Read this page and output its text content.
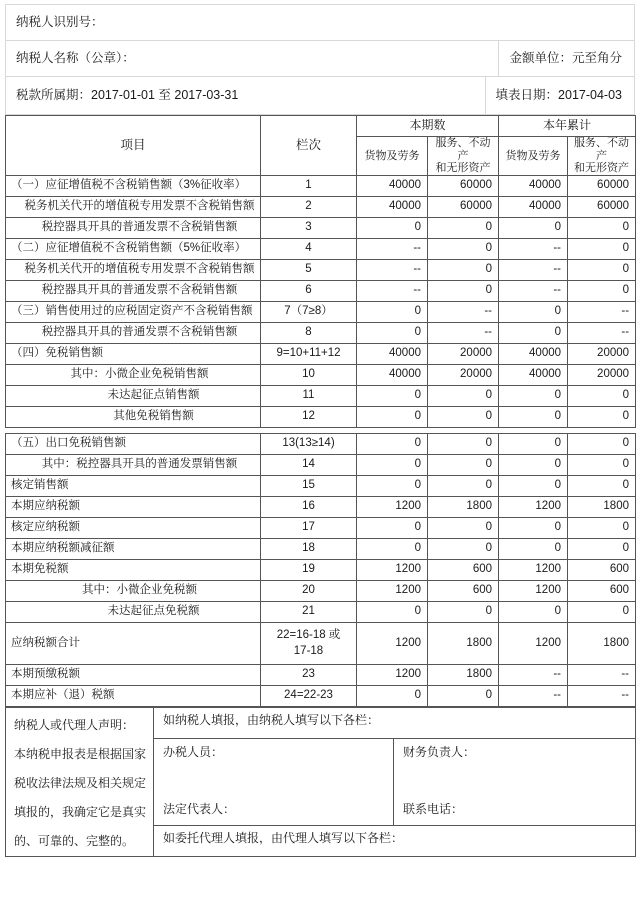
纳税人识别号：
纳税人名称（公章）：	金额单位：元至角分
税款所属期：2017-01-01 至 2017-03-31	填表日期：2017-04-03
项目	栏次	本期数		本年累计	
		货物及劳务	服务、不动产
和无形资产	货物及劳务	服务、不动产
和无形资产
（一）应征增值税不含税销售额（3%征收率）	1	40000	60000	40000	60000
税务机关代开的增值税专用发票不含税销售额	2	40000	60000	40000	60000
税控器具开具的普通发票不含税销售额	3	0	0	0	0
（二）应征增值税不含税销售额（5%征收率）	4	--	0	--	0
税务机关代开的增值税专用发票不含税销售额	5	--	0	--	0
税控器具开具的普通发票不含税销售额	6	--	0	--	0
（三）销售使用过的应税固定资产不含税销售额	7（7≥8）	0	--	0	--
税控器具开具的普通发票不含税销售额	8	0	--	0	--
（四）免税销售额	9=10+11+12	40000	20000	40000	20000
其中：小微企业免税销售额	10	40000	20000	40000	20000
未达起征点销售额	11	0	0	0	0
其他免税销售额	12	0	0	0	0
（五）出口免税销售额	13(13≥14)	0	0	0	0
其中：税控器具开具的普通发票销售额	14	0	0	0	0
核定销售额	15	0	0	0	0
本期应纳税额	16	1200	1800	1200	1800
核定应纳税额	17	0	0	0	0
本期应纳税额减征额	18	0	0	0	0
本期免税额	19	1200	600	1200	600
其中：小微企业免税额	20	1200	600	1200	600
未达起征点免税额	21	0	0	0	0
应纳税额合计	22=16-18 或
17-18	1200	1800	1200	1800
本期预缴税额	23	1200	1800	--	--
本期应补（退）税额	24=22-23	0	0	--	--
纳税人或代理人声明：
本纳税申报表是根据国家
税收法律法规及相关规定
填报的，我确定它是真实
的、可靠的、完整的。	如纳税人填报，由纳税人填写以下各栏：	

	办税人员：
法定代表人：	财务负责人：
联系电话：

	如委托代理人填报，由代理人填写以下各栏：	
